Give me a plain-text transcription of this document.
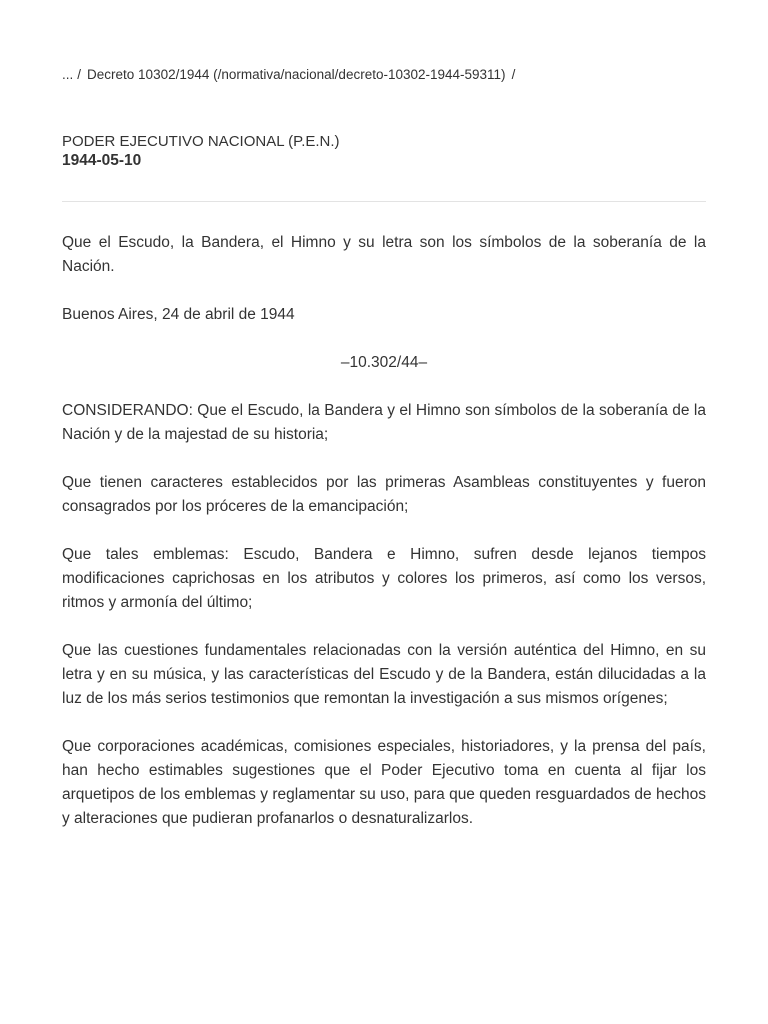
... / Decreto 10302/1944 (/normativa/nacional/decreto-10302-1944-59311) /
PODER EJECUTIVO NACIONAL (P.E.N.)
1944-05-10

Que el Escudo, la Bandera, el Himno y su letra son los símbolos de la soberanía de la Nación.

Buenos Aires, 24 de abril de 1944

–10.302/44–

CONSIDERANDO: Que el Escudo, la Bandera y el Himno son símbolos de la soberanía de la Nación y de la majestad de su historia;

Que tienen caracteres establecidos por las primeras Asambleas constituyentes y fueron consagrados por los próceres de la emancipación;

Que tales emblemas: Escudo, Bandera e Himno, sufren desde lejanos tiempos modificaciones caprichosas en los atributos y colores los primeros, así como los versos, ritmos y armonía del último;

Que las cuestiones fundamentales relacionadas con la versión auténtica del Himno, en su letra y en su música, y las características del Escudo y de la Bandera, están dilucidadas a la luz de los más serios testimonios que remontan la investigación a sus mismos orígenes;

Que corporaciones académicas, comisiones especiales, historiadores, y la prensa del país, han hecho estimables sugestiones que el Poder Ejecutivo toma en cuenta al fijar los arquetipos de los emblemas y reglamentar su uso, para que queden resguardados de hechos y alteraciones que pudieran profanarlos o desnaturalizarlos.
